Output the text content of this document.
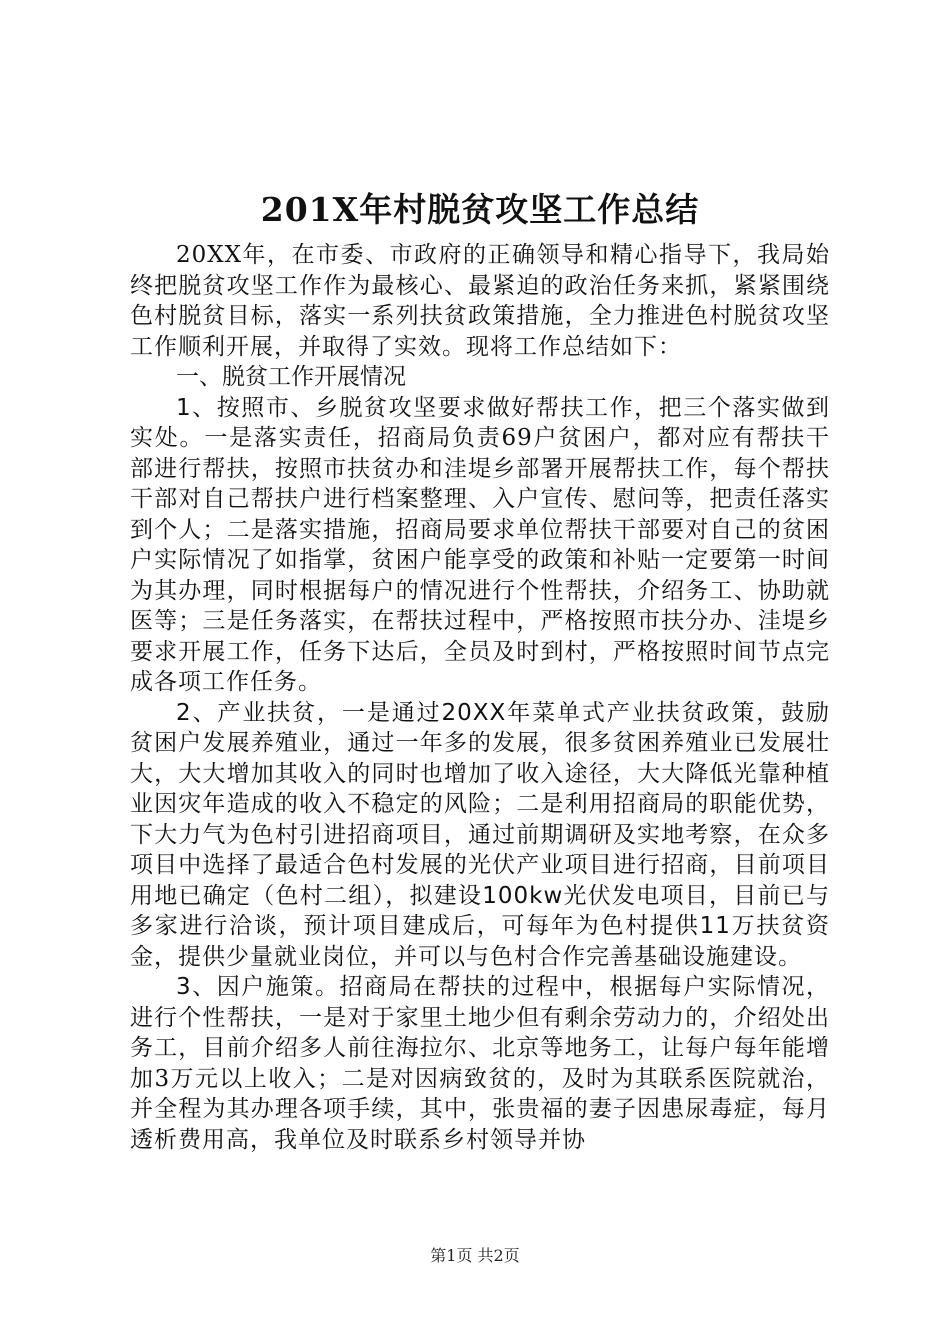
201X年村脱贫攻坚工作总结

20XX年，在市委、市政府的正确领导和精心指导下，我局始终把脱贫攻坚工作作为最核心、最紧迫的政治任务来抓，紧紧围绕色村脱贫目标，落实一系列扶贫政策措施，全力推进色村脱贫攻坚工作顺利开展，并取得了实效。现将工作总结如下：

一、脱贫工作开展情况

1、按照市、乡脱贫攻坚要求做好帮扶工作，把三个落实做到实处。一是落实责任，招商局负责69户贫困户，都对应有帮扶干部进行帮扶，按照市扶贫办和洼堤乡部署开展帮扶工作，每个帮扶干部对自己帮扶户进行档案整理、入户宣传、慰问等，把责任落实到个人；二是落实措施，招商局要求单位帮扶干部要对自己的贫困户实际情况了如指掌，贫困户能享受的政策和补贴一定要第一时间为其办理，同时根据每户的情况进行个性帮扶，介绍务工、协助就医等；三是任务落实，在帮扶过程中，严格按照市扶分办、洼堤乡要求开展工作，任务下达后，全员及时到村，严格按照时间节点完成各项工作任务。

2、产业扶贫，一是通过20XX年菜单式产业扶贫政策，鼓励贫困户发展养殖业，通过一年多的发展，很多贫困养殖业已发展壮大，大大增加其收入的同时也增加了收入途径，大大降低光靠种植业因灾年造成的收入不稳定的风险；二是利用招商局的职能优势，下大力气为色村引进招商项目，通过前期调研及实地考察，在众多项目中选择了最适合色村发展的光伏产业项目进行招商，目前项目用地已确定（色村二组），拟建设100kw光伏发电项目，目前已与多家进行洽谈，预计项目建成后，可每年为色村提供11万扶贫资金，提供少量就业岗位，并可以与色村合作完善基础设施建设。

3、因户施策。招商局在帮扶的过程中，根据每户实际情况，进行个性帮扶，一是对于家里土地少但有剩余劳动力的，介绍处出务工，目前介绍多人前往海拉尔、北京等地务工，让每户每年能增加3万元以上收入；二是对因病致贫的，及时为其联系医院就治，并全程为其办理各项手续，其中，张贵福的妻子因患尿毒症，每月透析费用高，我单位及时联系乡村领导并协

第1页 共2页
